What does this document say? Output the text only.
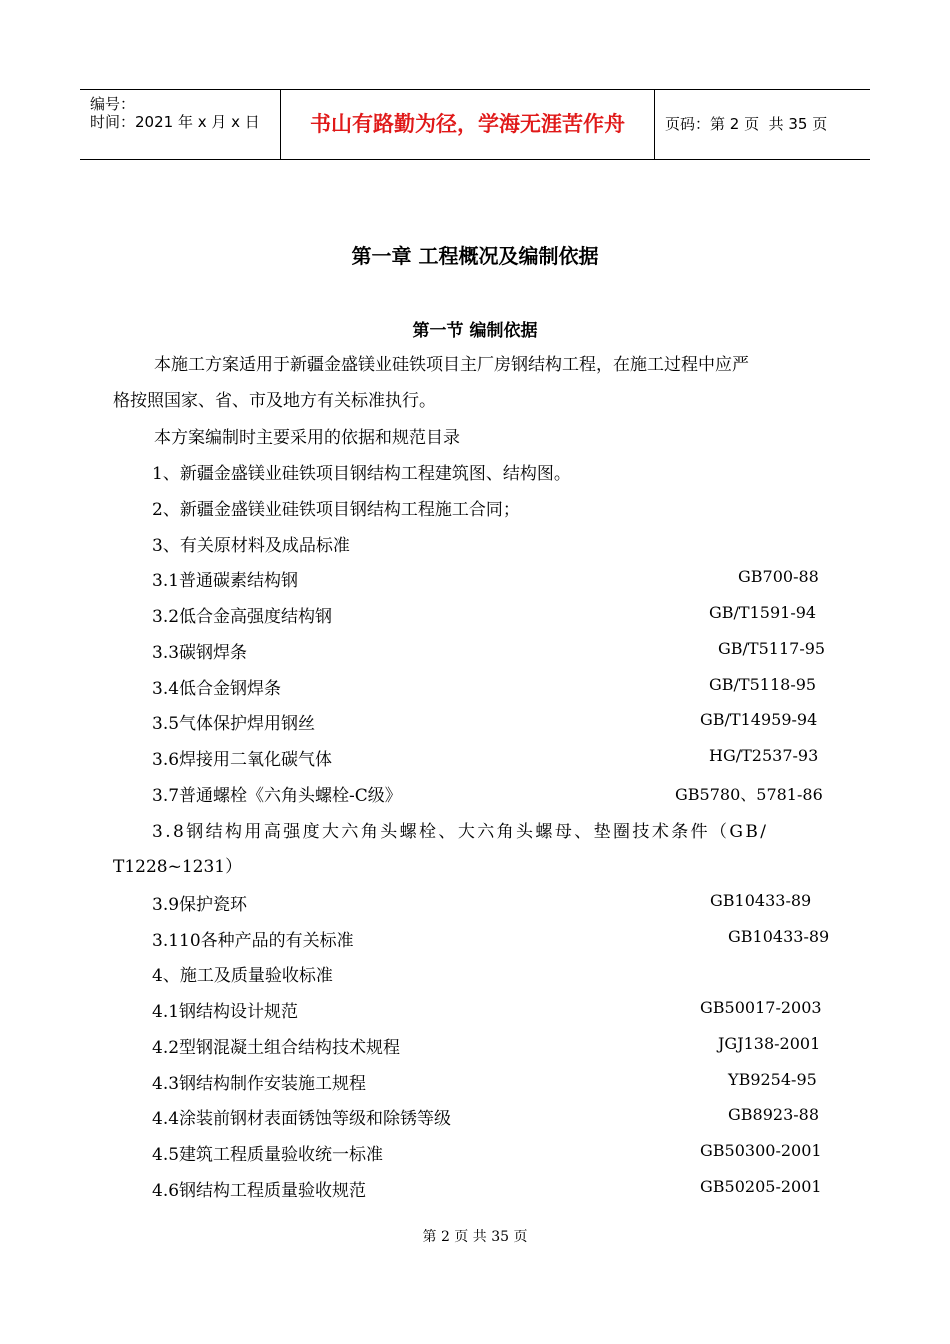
编号：
时间：2021 年 x 月 x 日	书山有路勤为径，学海无涯苦作舟	页码：第 2 页  共 35 页
第一章 工程概况及编制依据
第一节 编制依据
本施工方案适用于新疆金盛镁业硅铁项目主厂房钢结构工程，在施工过程中应严
格按照国家、省、市及地方有关标准执行。
本方案编制时主要采用的依据和规范目录
1、新疆金盛镁业硅铁项目钢结构工程建筑图、结构图。
2、新疆金盛镁业硅铁项目钢结构工程施工合同；
3、有关原材料及成品标准
3.1普通碳素结构钢	GB700-88
3.2低合金高强度结构钢	GB/T1591-94
3.3碳钢焊条	GB/T5117-95
3.4低合金钢焊条	GB/T5118-95
3.5气体保护焊用钢丝	GB/T14959-94
3.6焊接用二氧化碳气体	HG/T2537-93
3.7普通螺栓《六角头螺栓-C级》	GB5780、5781-86
3.8钢结构用高强度大六角头螺栓、大六角头螺母、垫圈技术条件（GB/
T1228~1231）
3.9保护瓷环	GB10433-89
3.110各种产品的有关标准	GB10433-89
4、施工及质量验收标准
4.1钢结构设计规范	GB50017-2003
4.2型钢混凝土组合结构技术规程	JGJ138-2001
4.3钢结构制作安装施工规程	YB9254-95
4.4涂装前钢材表面锈蚀等级和除锈等级	GB8923-88
4.5建筑工程质量验收统一标准	GB50300-2001
4.6钢结构工程质量验收规范	GB50205-2001
第 2 页 共 35 页
